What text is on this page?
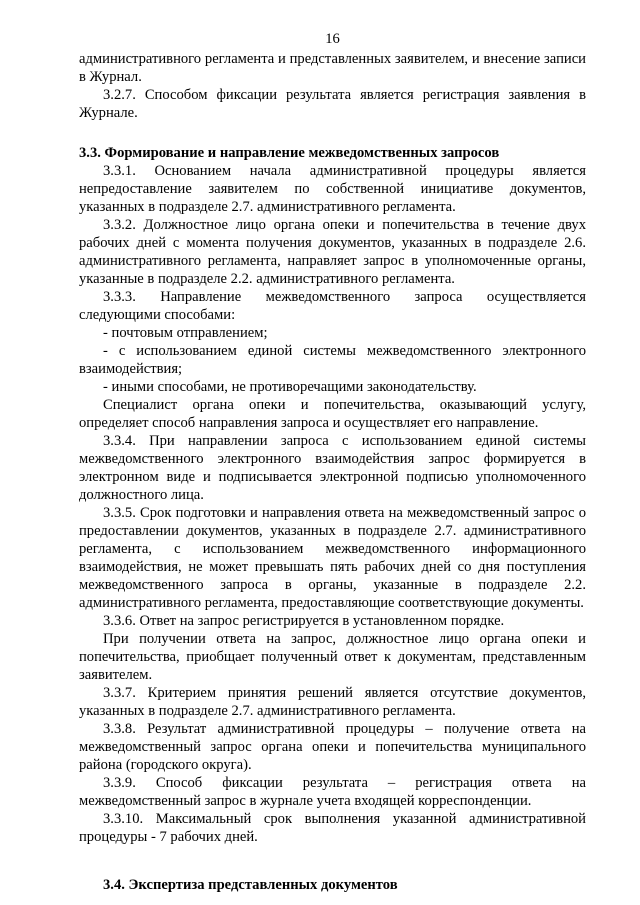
16

административного регламента и представленных заявителем, и внесение записи в Журнал.

3.2.7. Способом фиксации результата является регистрация заявления в Журнале.

3.3. Формирование и направление межведомственных запросов

3.3.1. Основанием начала административной процедуры является непредоставление заявителем по собственной инициативе документов, указанных в подразделе 2.7. административного регламента.

3.3.2. Должностное лицо органа опеки и попечительства в течение двух рабочих дней с момента получения документов, указанных в подразделе 2.6. административного регламента, направляет запрос в уполномоченные органы, указанные в подразделе 2.2. административного регламента.

3.3.3. Направление межведомственного запроса осуществляется следующими способами:

- почтовым отправлением;

- с использованием единой системы межведомственного электронного взаимодействия;

- иными способами, не противоречащими законодательству.

Специалист органа опеки и попечительства, оказывающий услугу, определяет способ направления запроса и осуществляет его направление.

3.3.4. При направлении запроса с использованием единой системы межведомственного электронного взаимодействия запрос формируется в электронном виде и подписывается электронной подписью уполномоченного должностного лица.

3.3.5. Срок подготовки и направления ответа на межведомственный запрос о предоставлении документов, указанных в подразделе 2.7. административного регламента, с использованием межведомственного информационного взаимодействия, не может превышать пять рабочих дней со дня поступления межведомственного запроса в органы, указанные в подразделе 2.2. административного регламента, предоставляющие соответствующие документы.

3.3.6. Ответ на запрос регистрируется в установленном порядке.

При получении ответа на запрос, должностное лицо органа опеки и попечительства, приобщает полученный ответ к документам, представленным заявителем.

3.3.7. Критерием принятия решений является отсутствие документов, указанных в подразделе 2.7. административного регламента.

3.3.8. Результат административной процедуры – получение ответа на межведомственный запрос органа опеки и попечительства муниципального района (городского округа).

3.3.9. Способ фиксации результата – регистрация ответа на межведомственный запрос в журнале учета входящей корреспонденции.

3.3.10. Максимальный срок выполнения указанной административной процедуры - 7 рабочих дней.

3.4. Экспертиза представленных документов
